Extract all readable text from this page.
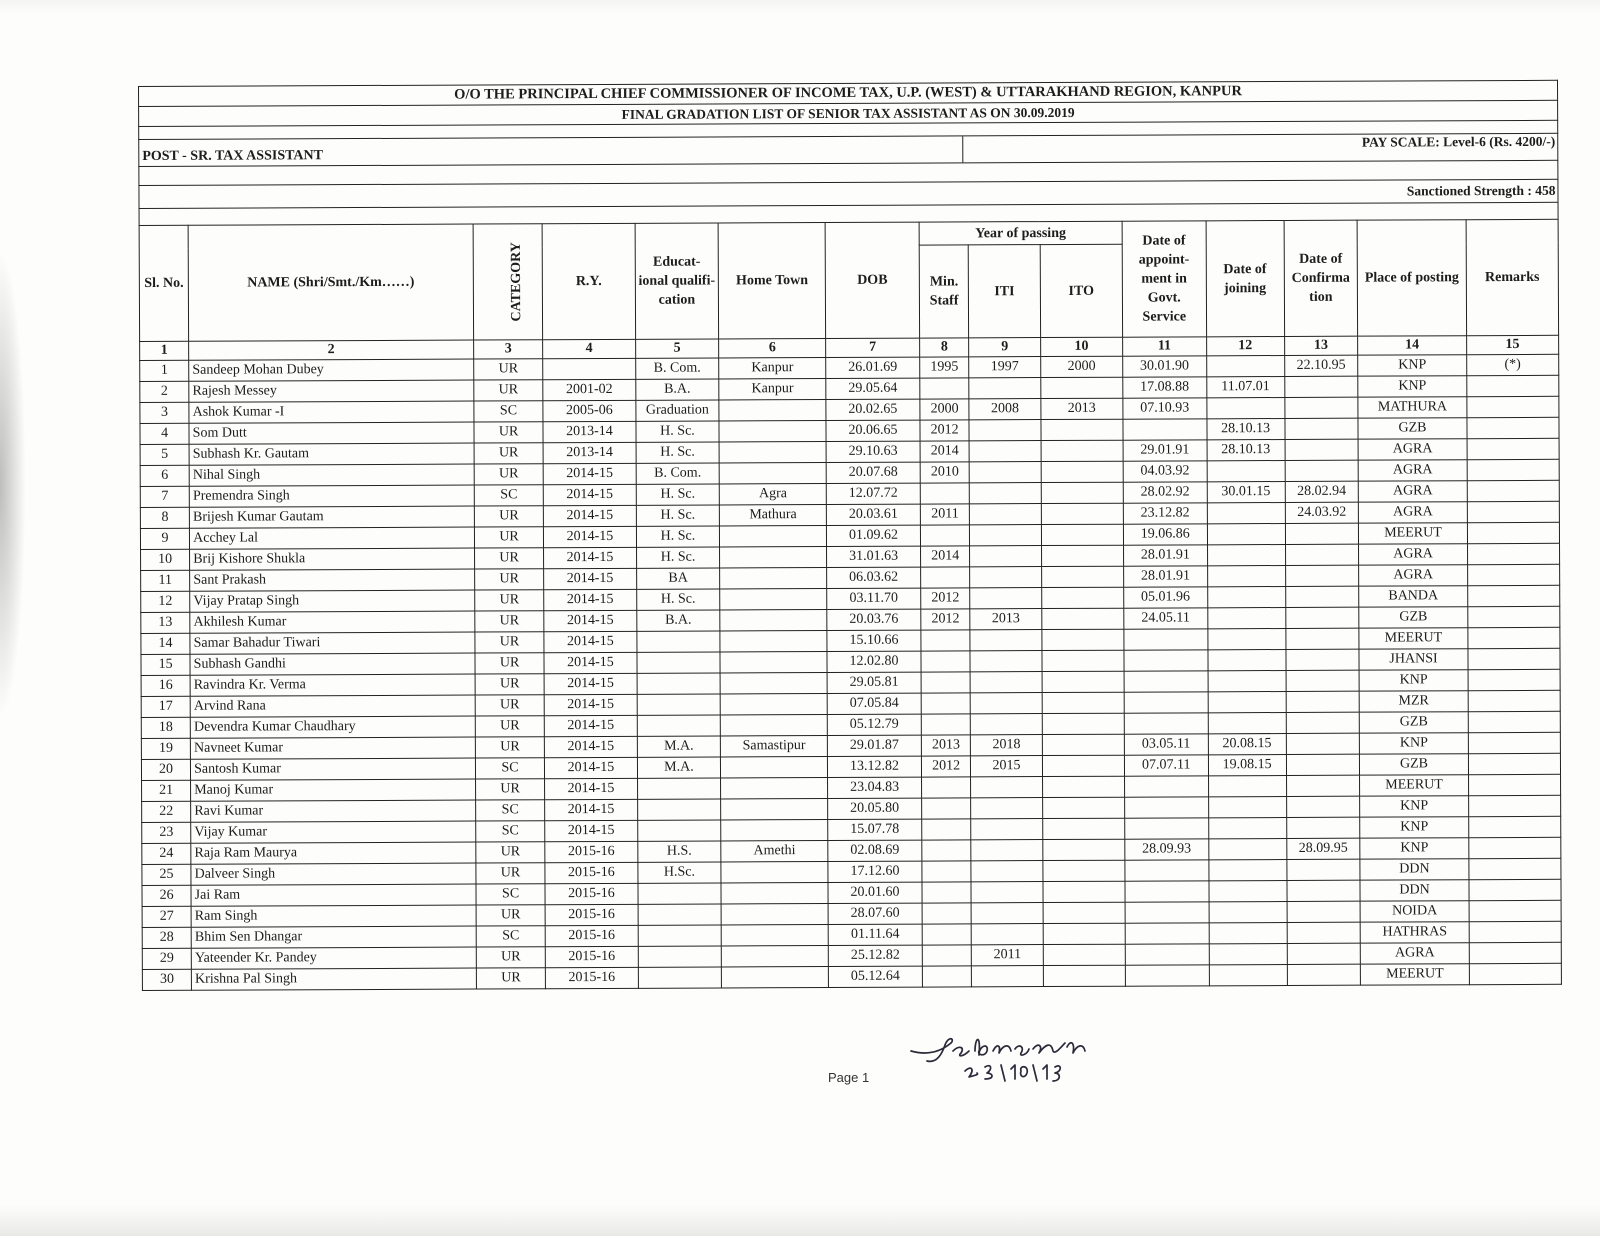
O/O THE PRINCIPAL CHIEF COMMISSIONER OF INCOME TAX, U.P. (WEST) & UTTARAKHAND REGION, KANPUR
FINAL GRADATION LIST OF SENIOR TAX ASSISTANT AS ON 30.09.2019
POST - SR. TAX ASSISTANT
PAY SCALE: Level-6 (Rs. 4200/-)
Sanctioned Strength : 458
Sl. No.	NAME (Shri/Smt./Km……)	CATEGORY	R.Y.	Educat-ional qualifi-cation	Home Town	DOB	Year of passing			Date of appoint-ment in Govt. Service	Date of joining	Date of Confirma tion	Place of posting	Remarks
							Min. Staff	ITI	ITO					
1	2	3	4	5	6	7	8	9	10	11	12	13	14	15
1	Sandeep Mohan Dubey	UR		B. Com.	Kanpur	26.01.69	1995	1997	2000	30.01.90		22.10.95	KNP	(*)
2	Rajesh Messey	UR	2001-02	B.A.	Kanpur	29.05.64				17.08.88	11.07.01		KNP	
3	Ashok Kumar -I	SC	2005-06	Graduation		20.02.65	2000	2008	2013	07.10.93			MATHURA	
4	Som Dutt	UR	2013-14	H. Sc.		20.06.65	2012				28.10.13		GZB	
5	Subhash Kr. Gautam	UR	2013-14	H. Sc.		29.10.63	2014			29.01.91	28.10.13		AGRA	
6	Nihal Singh	UR	2014-15	B. Com.		20.07.68	2010			04.03.92			AGRA	
7	Premendra Singh	SC	2014-15	H. Sc.	Agra	12.07.72				28.02.92	30.01.15	28.02.94	AGRA	
8	Brijesh Kumar Gautam	UR	2014-15	H. Sc.	Mathura	20.03.61	2011			23.12.82		24.03.92	AGRA	
9	Acchey Lal	UR	2014-15	H. Sc.		01.09.62				19.06.86			MEERUT	
10	Brij Kishore Shukla	UR	2014-15	H. Sc.		31.01.63	2014			28.01.91			AGRA	
11	Sant Prakash	UR	2014-15	BA		06.03.62				28.01.91			AGRA	
12	Vijay Pratap Singh	UR	2014-15	H. Sc.		03.11.70	2012			05.01.96			BANDA	
13	Akhilesh Kumar	UR	2014-15	B.A.		20.03.76	2012	2013		24.05.11			GZB	
14	Samar Bahadur Tiwari	UR	2014-15			15.10.66							MEERUT	
15	Subhash Gandhi	UR	2014-15			12.02.80							JHANSI	
16	Ravindra Kr. Verma	UR	2014-15			29.05.81							KNP	
17	Arvind Rana	UR	2014-15			07.05.84							MZR	
18	Devendra Kumar Chaudhary	UR	2014-15			05.12.79							GZB	
19	Navneet Kumar	UR	2014-15	M.A.	Samastipur	29.01.87	2013	2018		03.05.11	20.08.15		KNP	
20	Santosh Kumar	SC	2014-15	M.A.		13.12.82	2012	2015		07.07.11	19.08.15		GZB	
21	Manoj Kumar	UR	2014-15			23.04.83							MEERUT	
22	Ravi Kumar	SC	2014-15			20.05.80							KNP	
23	Vijay Kumar	SC	2014-15			15.07.78							KNP	
24	Raja Ram Maurya	UR	2015-16	H.S.	Amethi	02.08.69				28.09.93		28.09.95	KNP	
25	Dalveer Singh	UR	2015-16	H.Sc.		17.12.60							DDN	
26	Jai Ram	SC	2015-16			20.01.60							DDN	
27	Ram Singh	UR	2015-16			28.07.60							NOIDA	
28	Bhim Sen Dhangar	SC	2015-16			01.11.64							HATHRAS	
29	Yateender Kr. Pandey	UR	2015-16			25.12.82		2011					AGRA	
30	Krishna Pal Singh	UR	2015-16			05.12.64							MEERUT	
Page 1
